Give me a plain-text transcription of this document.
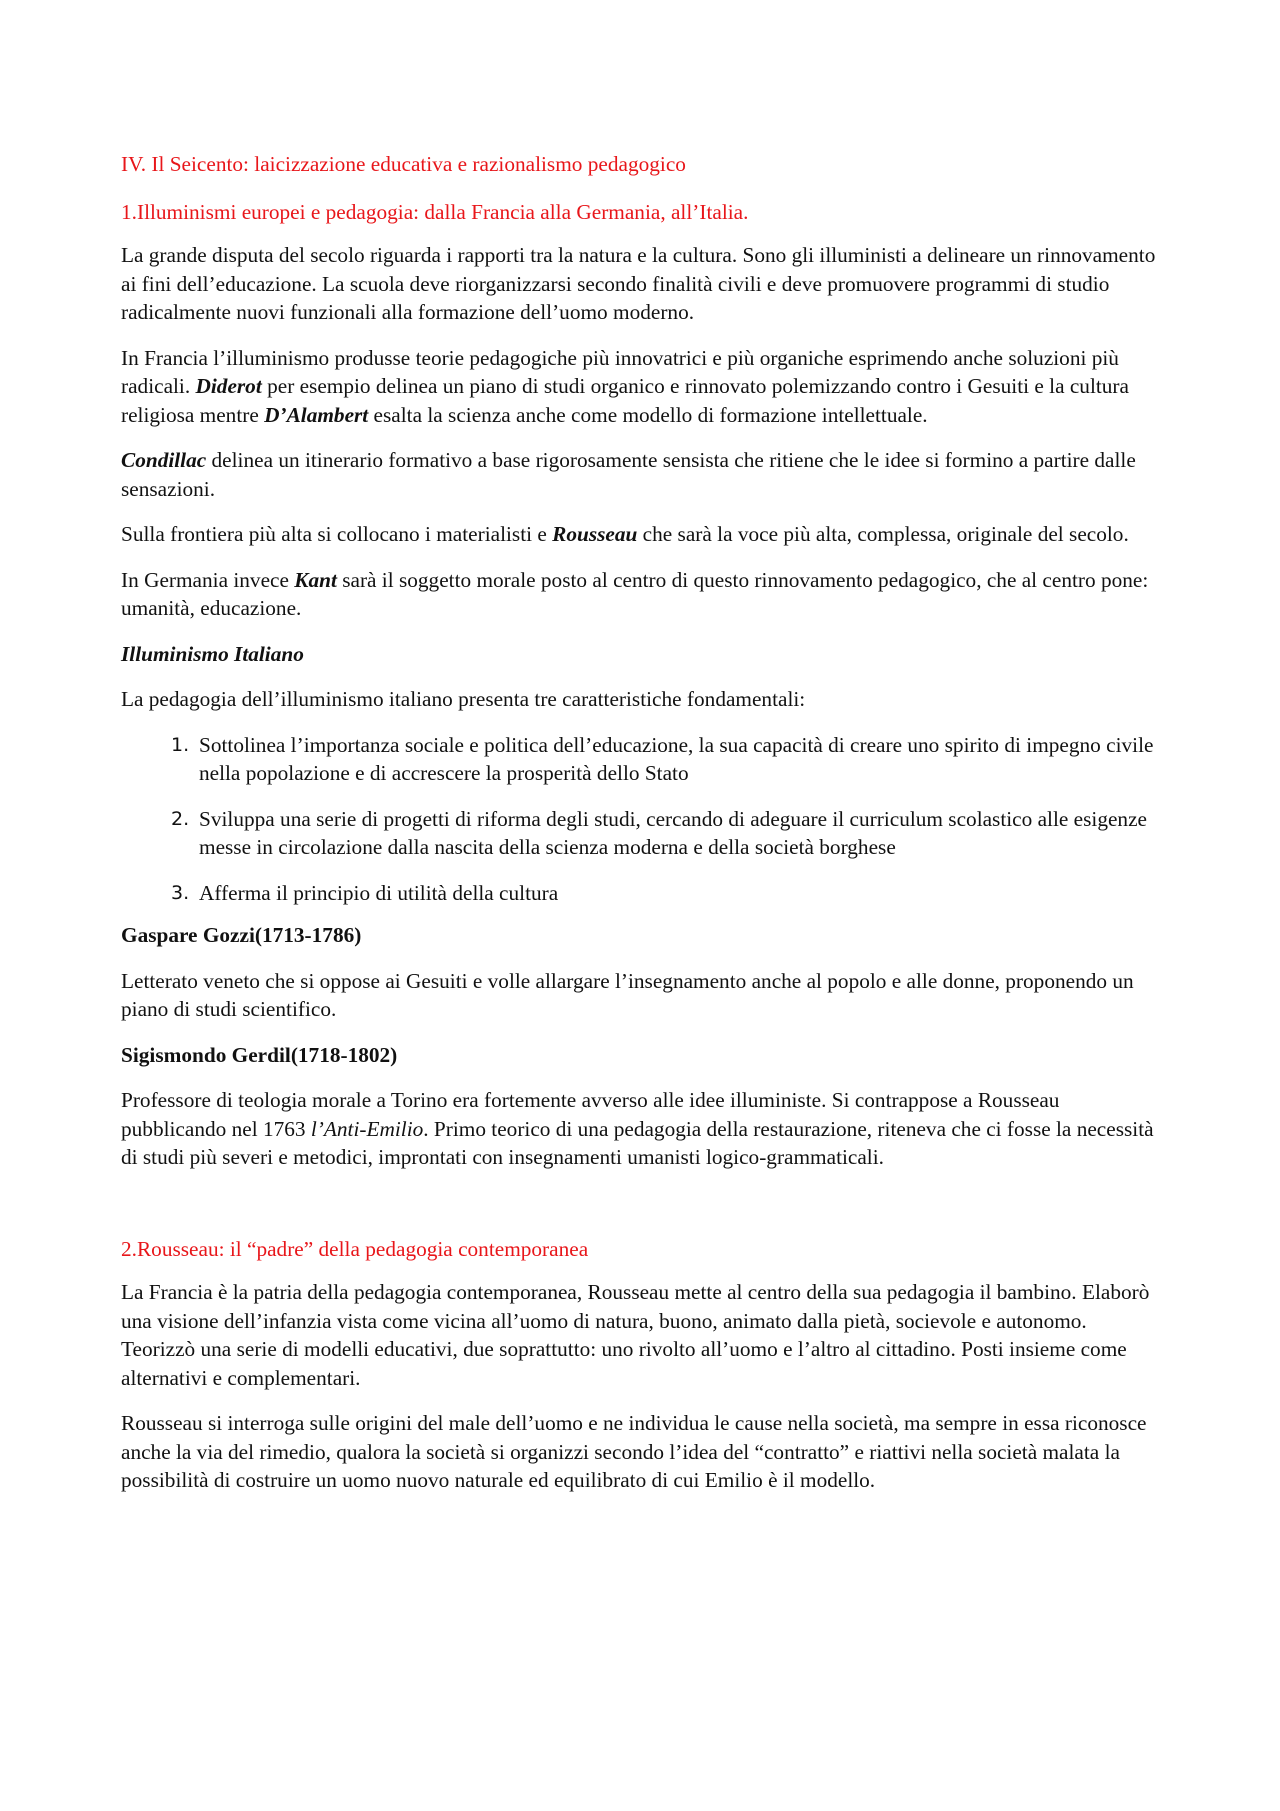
IV. Il Seicento: laicizzazione educativa e razionalismo pedagogico

1.Illuminismi europei e pedagogia: dalla Francia alla Germania, all’Italia.

La grande disputa del secolo riguarda i rapporti tra la natura e la cultura. Sono gli illuministi a delineare un rinnovamento ai fini dell’educazione. La scuola deve riorganizzarsi secondo finalità civili e deve promuovere programmi di studio radicalmente nuovi funzionali alla formazione dell’uomo moderno.

In Francia l’illuminismo produsse teorie pedagogiche più innovatrici e più organiche esprimendo anche soluzioni più radicali. Diderot per esempio delinea un piano di studi organico e rinnovato polemizzando contro i Gesuiti e la cultura religiosa mentre D’Alambert esalta la scienza anche come modello di formazione intellettuale.

Condillac delinea un itinerario formativo a base rigorosamente sensista che ritiene che le idee si formino a partire dalle sensazioni.

Sulla frontiera più alta si collocano i materialisti e Rousseau che sarà la voce più alta, complessa, originale del secolo.

In Germania invece Kant sarà il soggetto morale posto al centro di questo rinnovamento pedagogico, che al centro pone: umanità, educazione.

Illuminismo Italiano

La pedagogia dell’illuminismo italiano presenta tre caratteristiche fondamentali:

1. Sottolinea l’importanza sociale e politica dell’educazione, la sua capacità di creare uno spirito di impegno civile nella popolazione e di accrescere la prosperità dello Stato
2. Sviluppa una serie di progetti di riforma degli studi, cercando di adeguare il curriculum scolastico alle esigenze messe in circolazione dalla nascita della scienza moderna e della società borghese
3. Afferma il principio di utilità della cultura

Gaspare Gozzi(1713-1786)

Letterato veneto che si oppose ai Gesuiti e volle allargare l’insegnamento anche al popolo e alle donne, proponendo un piano di studi scientifico.

Sigismondo Gerdil(1718-1802)

Professore di teologia morale a Torino era fortemente avverso alle idee illuministe. Si contrappose a Rousseau pubblicando nel 1763 l’Anti-Emilio. Primo teorico di una pedagogia della restaurazione, riteneva che ci fosse la necessità di studi più severi e metodici, improntati con insegnamenti umanisti logico-grammaticali.

2.Rousseau: il “padre” della pedagogia contemporanea

La Francia è la patria della pedagogia contemporanea, Rousseau mette al centro della sua pedagogia il bambino. Elaborò una visione dell’infanzia vista come vicina all’uomo di natura, buono, animato dalla pietà, socievole e autonomo. Teorizzò una serie di modelli educativi, due soprattutto: uno rivolto all’uomo e l’altro al cittadino. Posti insieme come alternativi e complementari.

Rousseau si interroga sulle origini del male dell’uomo e ne individua le cause nella società, ma sempre in essa riconosce anche la via del rimedio, qualora la società si organizzi secondo l’idea del “contratto” e riattivi nella società malata la possibilità di costruire un uomo nuovo naturale ed equilibrato di cui Emilio è il modello.
